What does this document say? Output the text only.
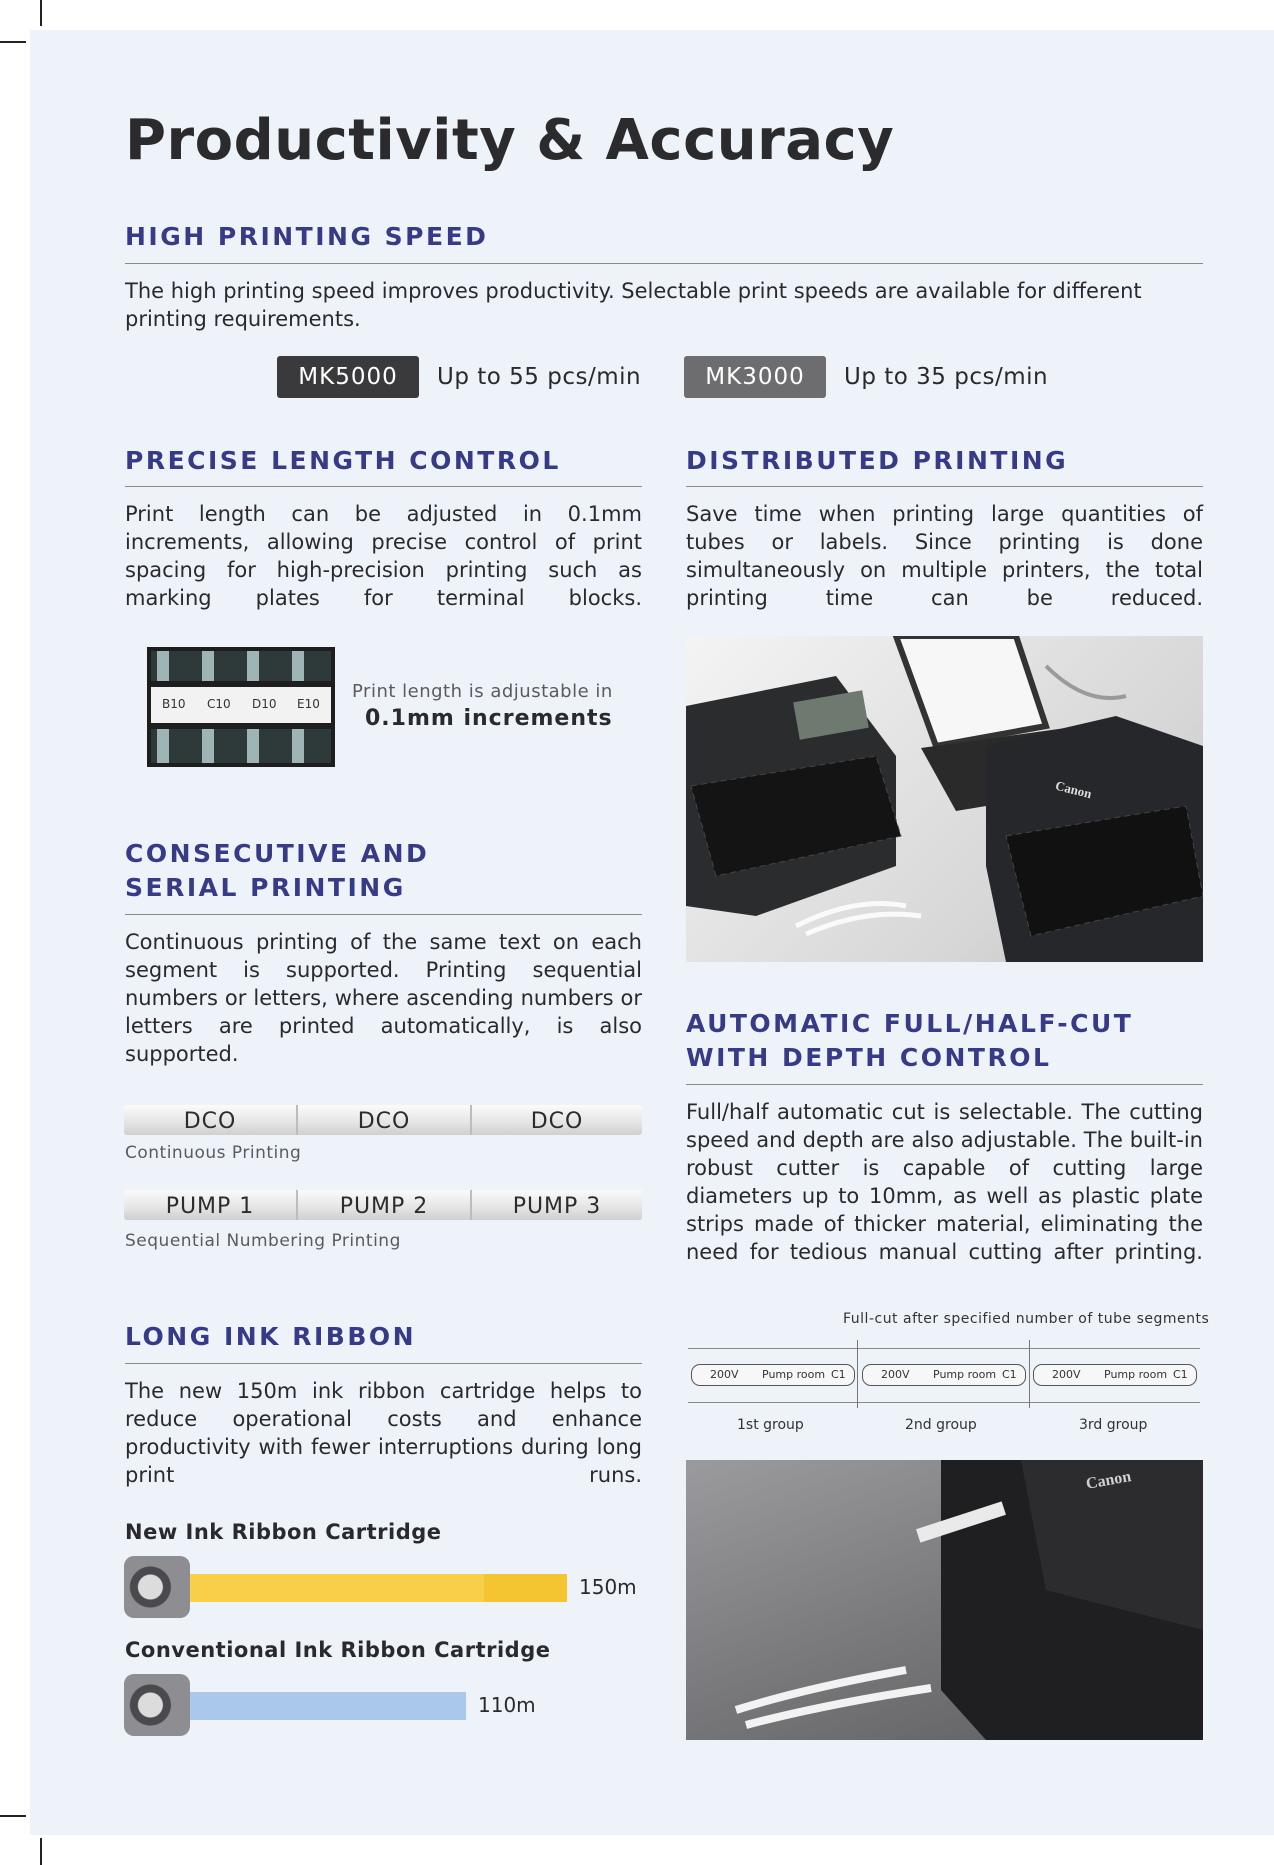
Productivity & Accuracy
HIGH PRINTING SPEED
The high printing speed improves productivity. Selectable print speeds are available for different printing requirements.
MK5000	Up to 55 pcs/min	MK3000	Up to 35 pcs/min
PRECISE LENGTH CONTROL
Print length can be adjusted in 0.1mm increments, allowing precise control of print spacing for high-precision printing such as marking plates for terminal blocks.
B10 C10 D10 E10
Print length is adjustable in
0.1mm increments
CONSECUTIVE AND
SERIAL PRINTING
Continuous printing of the same text on each segment is supported. Printing sequential numbers or letters, where ascending numbers or letters are printed automatically, is also supported.
DCO	DCO	DCO
Continuous Printing
PUMP 1	PUMP 2	PUMP 3
Sequential Numbering Printing
LONG INK RIBBON
The new 150m ink ribbon cartridge helps to reduce operational costs and enhance productivity with fewer interruptions during long print runs.
New Ink Ribbon Cartridge
150m
Conventional Ink Ribbon Cartridge
110m
DISTRIBUTED PRINTING
Save time when printing large quantities of tubes or labels. Since printing is done simultaneously on multiple printers, the total printing time can be reduced.
Canon
AUTOMATIC FULL/HALF-CUT
WITH DEPTH CONTROL
Full/half automatic cut is selectable. The cutting speed and depth are also adjustable. The built-in robust cutter is capable of cutting large diameters up to 10mm, as well as plastic plate strips made of thicker material, eliminating the need for tedious manual cutting after printing.
Full-cut after specified number of tube segments
200V Pump room C1	200V Pump room C1	200V Pump room C1
1st group	2nd group	3rd group
Canon
